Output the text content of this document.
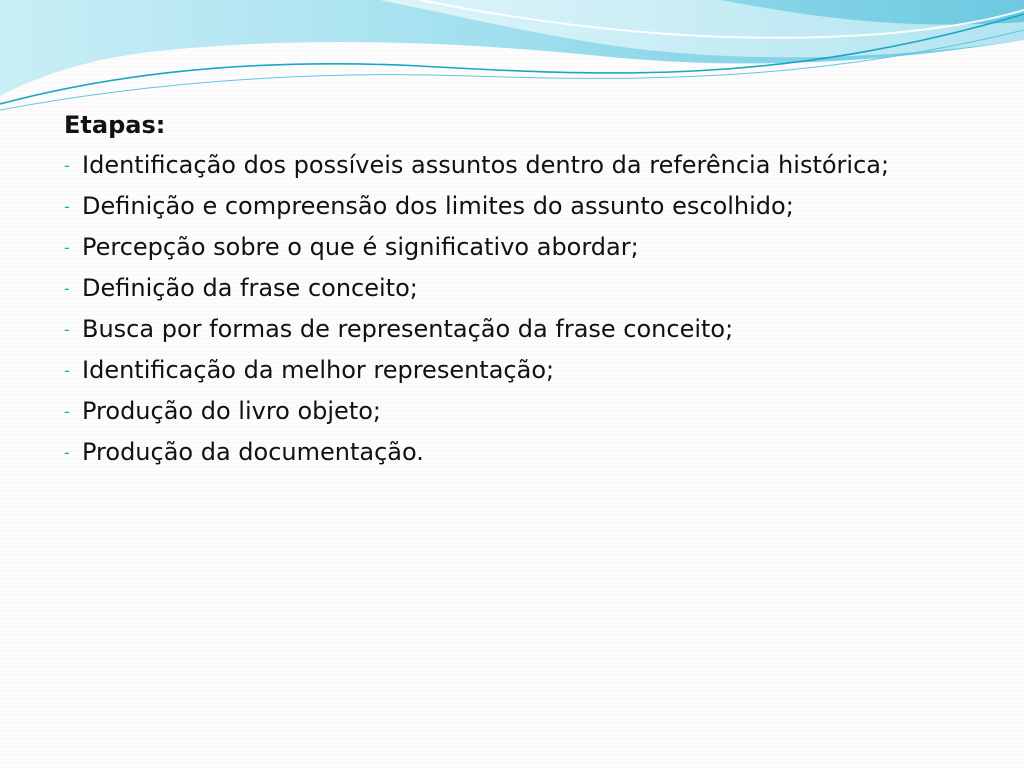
Etapas:
- Identificação dos possíveis assuntos dentro da referência histórica;
- Definição e compreensão dos limites do assunto escolhido;
- Percepção sobre o que é significativo abordar;
- Definição da frase conceito;
- Busca por formas de representação da frase conceito;
- Identificação da melhor representação;
- Produção do livro objeto;
- Produção da documentação.
